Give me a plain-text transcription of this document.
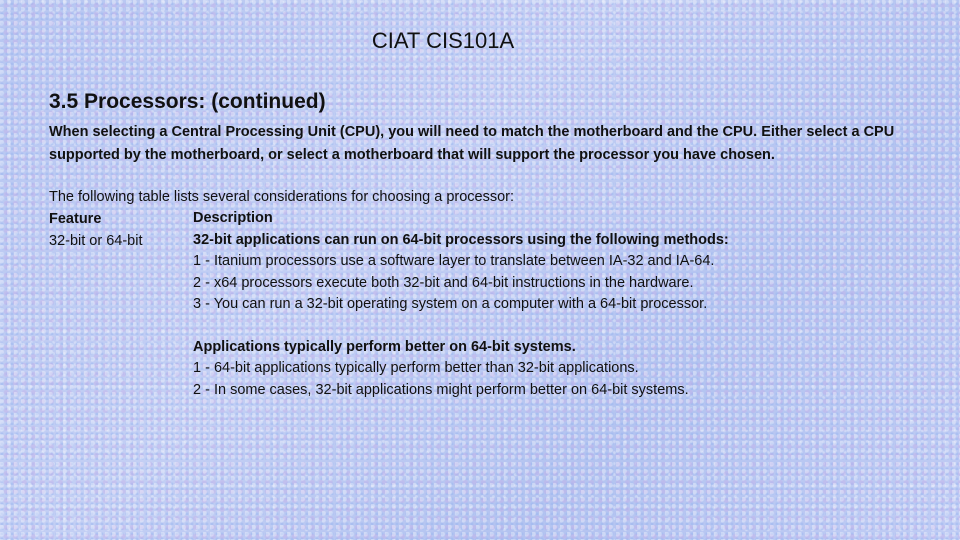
CIAT CIS101A
3.5 Processors: (continued)
When selecting a Central Processing Unit (CPU), you will need to match the motherboard and the CPU. Either select a CPU supported by the motherboard, or select a motherboard that will support the processor you have chosen.
The following table lists several considerations for choosing a processor:
Feature
32-bit or 64-bit
Description
32-bit applications can run on 64-bit processors using the following methods:
1 - Itanium processors use a software layer to translate between IA-32 and IA-64.
2 - x64 processors execute both 32-bit and 64-bit instructions in the hardware.
3 - You can run a 32-bit operating system on a computer with a 64-bit processor.
Applications typically perform better on 64-bit systems.
1 - 64-bit applications typically perform better than 32-bit applications.
2 - In some cases, 32-bit applications might perform better on 64-bit systems.
